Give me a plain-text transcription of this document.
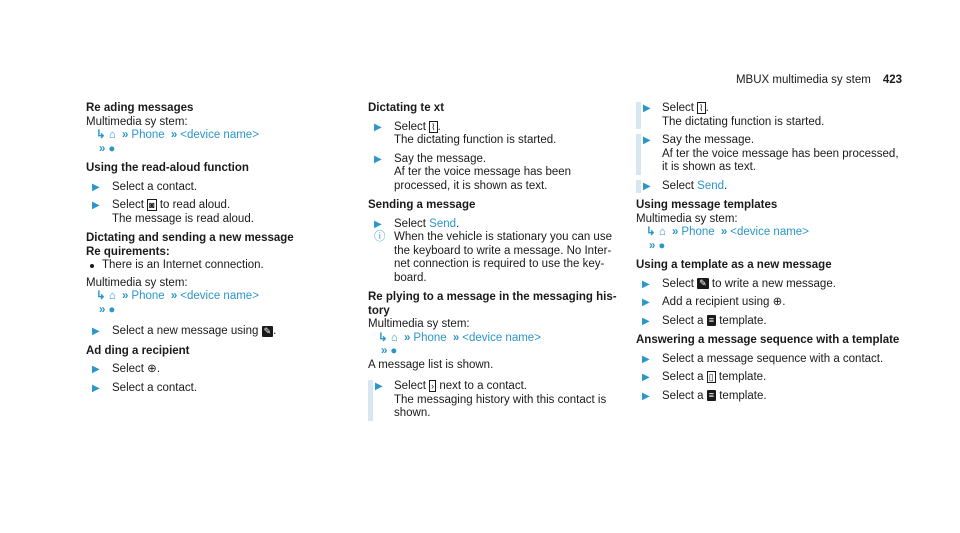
MBUX multimedia sy stem 423
Re ading messages
Multimedia sy stem:
↳ ⌂ » Phone » <device name>
» ●
Using the read-aloud function
▶ Select a contact.
▶ Select ◙ to read aloud.
The message is read aloud.
Dictating and sending a new message
Re quirements:
There is an Internet connection.
Multimedia sy stem:
↳ ⌂ » Phone » <device name>
» ●
▶ Select a new message using ✎ .
Ad ding a recipient
▶ Select ⊕.
▶ Select a contact.
Dictating te xt
▶ Select ⌇ .
The dictating function is started.
▶ Say the message.
Af ter the voice message has been processed, it is shown as text.
Sending a message
▶ Select Send.
ⓘ When the vehicle is stationary you can use the keyboard to write a message. No Inter- net connection is required to use the key- board.
Re plying to a message in the messaging his- tory
Multimedia sy stem:
↳ ⌂ » Phone » <device name>
» ●
A message list is shown.
▶ Select › next to a contact.
The messaging history with this contact is shown.
▶ Select ⌇ .
The dictating function is started.
▶ Say the message.
Af ter the voice message has been processed, it is shown as text.
▶ Select Send.
Using message templates
Multimedia sy stem:
↳ ⌂ » Phone » <device name>
» ●
Using a template as a new message
▶ Select ✎ to write a new message.
▶ Add a recipient using ⊕.
▶ Select a ≡ template.
Answering a message sequence with a template
▶ Select a message sequence with a contact.
▶ Select a ▯ template.
▶ Select a ≡ template.
